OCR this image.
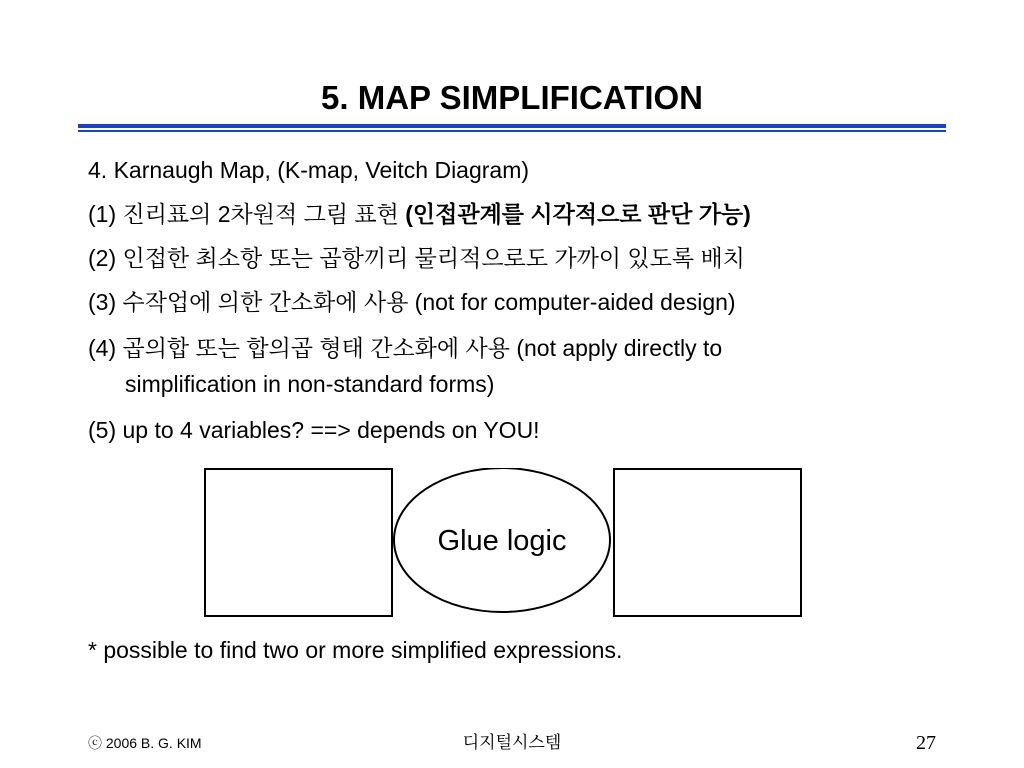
5. MAP SIMPLIFICATION

4. Karnaugh Map, (K-map, Veitch Diagram)

(1) 진리표의 2차원적 그림 표현 (인접관계를 시각적으로 판단 가능)

(2) 인접한 최소항 또는 곱항끼리 물리적으로도 가까이 있도록 배치

(3) 수작업에 의한 간소화에 사용 (not for computer-aided design)

(4) 곱의합 또는 합의곱 형태 간소화에 사용 (not apply directly to

simplification in non-standard forms)

(5) up to 4 variables? ==> depends on YOU!

Glue logic

* possible to find two or more simplified expressions.

ⓒ 2006 B. G. KIM	디지털시스템	27
